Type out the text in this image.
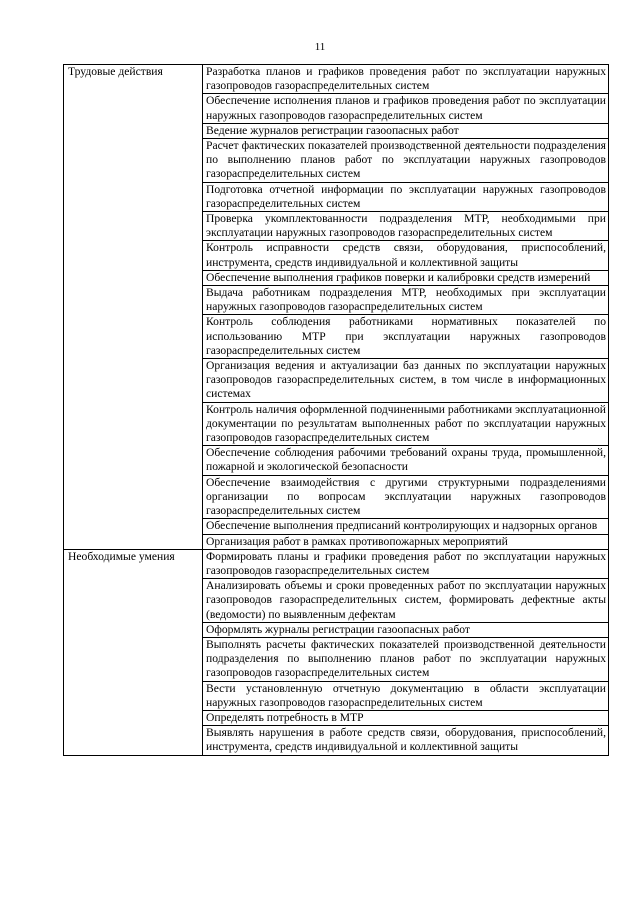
11
Трудовые действия	Разработка планов и графиков проведения работ по эксплуатации наружных газопроводов газораспределительных систем
	Обеспечение исполнения планов и графиков проведения работ по эксплуатации наружных газопроводов газораспределительных систем
	Ведение журналов регистрации газоопасных работ
	Расчет фактических показателей производственной деятельности подразделения по выполнению планов работ по эксплуатации наружных газопроводов газораспределительных систем
	Подготовка отчетной информации по эксплуатации наружных газопроводов газораспределительных систем
	Проверка укомплектованности подразделения МТР, необходимыми при эксплуатации наружных газопроводов газораспределительных систем
	Контроль исправности средств связи, оборудования, приспособлений, инструмента, средств индивидуальной и коллективной защиты
	Обеспечение выполнения графиков поверки и калибровки средств измерений
	Выдача работникам подразделения МТР, необходимых при эксплуатации наружных газопроводов газораспределительных систем
	Контроль соблюдения работниками нормативных показателей по использованию МТР при эксплуатации наружных газопроводов газораспределительных систем
	Организация ведения и актуализации баз данных по эксплуатации наружных газопроводов газораспределительных систем, в том числе в информационных системах
	Контроль наличия оформленной подчиненными работниками эксплуатационной документации по результатам выполненных работ по эксплуатации наружных газопроводов газораспределительных систем
	Обеспечение соблюдения рабочими требований охраны труда, промышленной, пожарной и экологической безопасности
	Обеспечение взаимодействия с другими структурными подразделениями организации по вопросам эксплуатации наружных газопроводов газораспределительных систем
	Обеспечение выполнения предписаний контролирующих и надзорных органов
	Организация работ в рамках противопожарных мероприятий
Необходимые умения	Формировать планы и графики проведения работ по эксплуатации наружных газопроводов газораспределительных систем
	Анализировать объемы и сроки проведенных работ по эксплуатации наружных газопроводов газораспределительных систем, формировать дефектные акты (ведомости) по выявленным дефектам
	Оформлять журналы регистрации газоопасных работ
	Выполнять расчеты фактических показателей производственной деятельности подразделения по выполнению планов работ по эксплуатации наружных газопроводов газораспределительных систем
	Вести установленную отчетную документацию в области эксплуатации наружных газопроводов газораспределительных систем
	Определять потребность в МТР
	Выявлять нарушения в работе средств связи, оборудования, приспособлений, инструмента, средств индивидуальной и коллективной защиты
